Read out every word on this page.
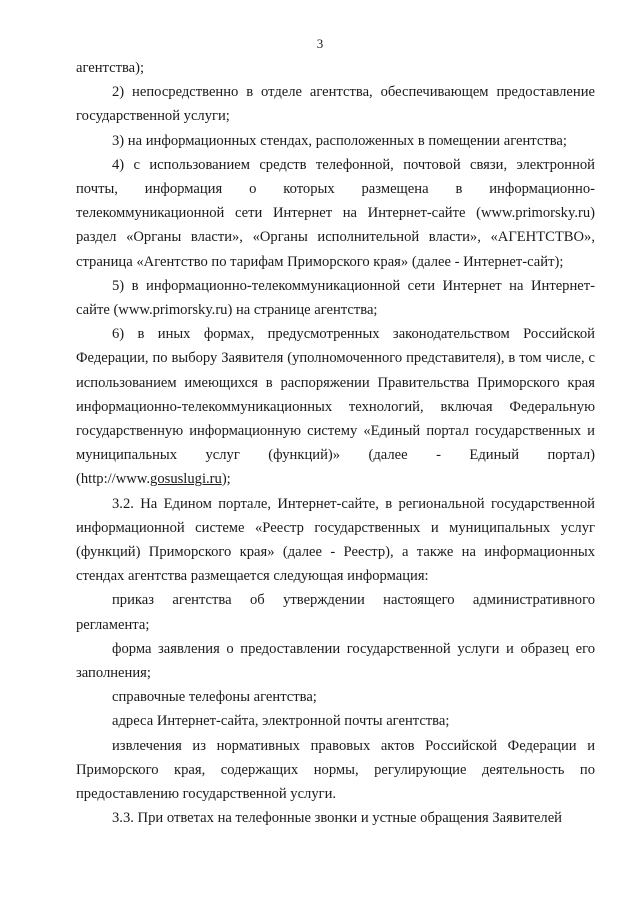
3

агентства);

2) непосредственно в отделе агентства, обеспечивающем предоставление государственной услуги;

3) на информационных стендах, расположенных в помещении агентства;

4) с использованием средств телефонной, почтовой связи, электронной почты, информация о которых размещена в информационно-телекоммуникационной сети Интернет на Интернет-сайте (www.primorsky.ru) раздел «Органы власти», «Органы исполнительной власти», «АГЕНТСТВО», страница «Агентство по тарифам Приморского края» (далее - Интернет-сайт);

5) в информационно-телекоммуникационной сети Интернет на Интернет-сайте (www.primorsky.ru) на странице агентства;

6) в иных формах, предусмотренных законодательством Российской Федерации, по выбору Заявителя (уполномоченного представителя), в том числе, с использованием имеющихся в распоряжении Правительства Приморского края информационно-телекоммуникационных технологий, включая Федеральную государственную информационную систему «Единый портал государственных и муниципальных услуг (функций)» (далее - Единый портал) (http://www.gosuslugi.ru);

3.2. На Едином портале, Интернет-сайте, в региональной государственной информационной системе «Реестр государственных и муниципальных услуг (функций) Приморского края» (далее - Реестр), а также на информационных стендах агентства размещается следующая информация:

приказ агентства об утверждении настоящего административного регламента;

форма заявления о предоставлении государственной услуги и образец его заполнения;

справочные телефоны агентства;

адреса Интернет-сайта, электронной почты агентства;

извлечения из нормативных правовых актов Российской Федерации и Приморского края, содержащих нормы, регулирующие деятельность по предоставлению государственной услуги.

3.3. При ответах на телефонные звонки и устные обращения Заявителей
